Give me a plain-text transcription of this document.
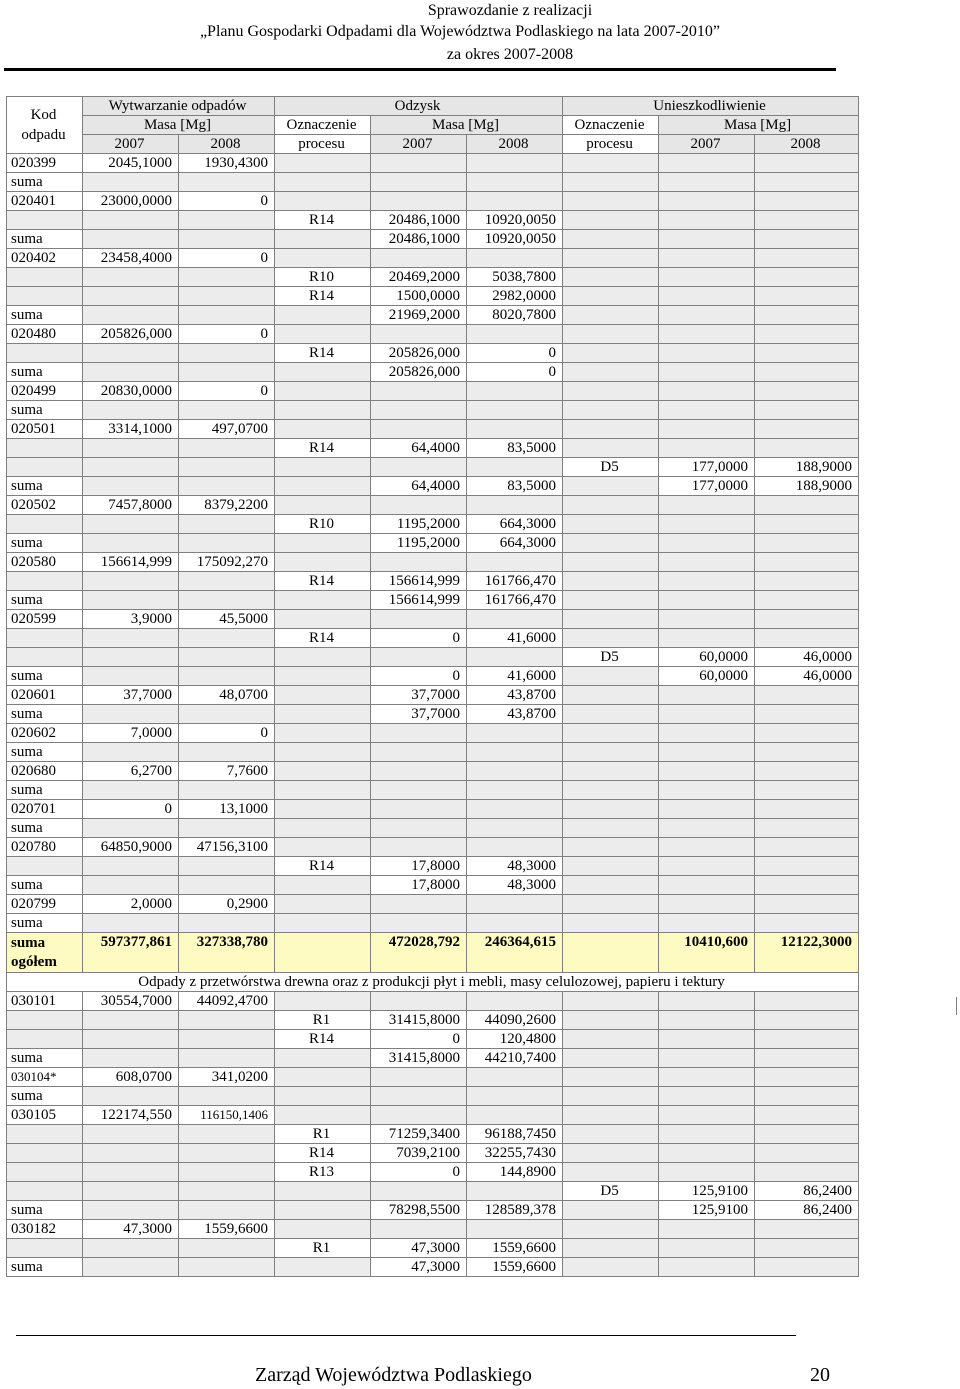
Sprawozdanie z realizacji
„Planu Gospodarki Odpadami dla Województwa Podlaskiego na lata 2007-2010”
za okres 2007-2008
Kod odpadu	Wytwarzanie odpadów		Odzysk			Unieszkodliwienie		
	Masa [Mg]		Oznaczenie	Masa [Mg]		Oznaczenie	Masa [Mg]	
	2007	2008	procesu	2007	2008	procesu	2007	2008
020399	2045,1000	1930,4300						
suma								
020401	23000,0000	0						
			R14	20486,1000	10920,0050			
suma				20486,1000	10920,0050			
020402	23458,4000	0						
			R10	20469,2000	5038,7800			
			R14	1500,0000	2982,0000			
suma				21969,2000	8020,7800			
020480	205826,000	0						
			R14	205826,000	0			
suma				205826,000	0			
020499	20830,0000	0						
suma								
020501	3314,1000	497,0700						
			R14	64,4000	83,5000			
						D5	177,0000	188,9000
suma				64,4000	83,5000		177,0000	188,9000
020502	7457,8000	8379,2200						
			R10	1195,2000	664,3000			
suma				1195,2000	664,3000			
020580	156614,999	175092,270						
			R14	156614,999	161766,470			
suma				156614,999	161766,470			
020599	3,9000	45,5000						
			R14	0	41,6000			
						D5	60,0000	46,0000
suma				0	41,6000		60,0000	46,0000
020601	37,7000	48,0700		37,7000	43,8700			
suma				37,7000	43,8700			
020602	7,0000	0						
suma								
020680	6,2700	7,7600						
suma								
020701	0	13,1000						
suma								
020780	64850,9000	47156,3100						
			R14	17,8000	48,3000			
suma				17,8000	48,3000			
020799	2,0000	0,2900						
suma								

suma
ogółem	597377,861	327338,780		472028,792	246364,615		10410,600	12122,3000

Odpady z przetwórstwa drewna oraz z produkcji płyt i mebli, masy celulozowej, papieru i tektury								
030101	30554,7000	44092,4700						
			R1	31415,8000	44090,2600			
			R14	0	120,4800			
suma				31415,8000	44210,7400			
030104*	608,0700	341,0200						
suma								
030105	122174,550	116150,1406						
			R1	71259,3400	96188,7450			
			R14	7039,2100	32255,7430			
			R13	0	144,8900			
						D5	125,9100	86,2400
suma				78298,5500	128589,378		125,9100	86,2400
030182	47,3000	1559,6600						
			R1	47,3000	1559,6600			
suma				47,3000	1559,6600			
Zarząd Województwa Podlaskiego	20
